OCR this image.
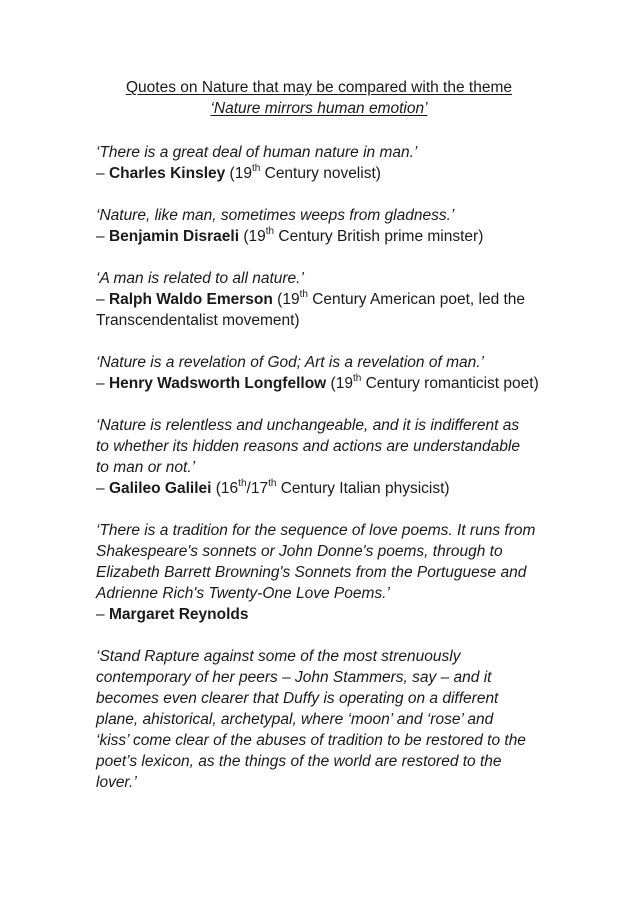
Quotes on Nature that may be compared with the theme
‘Nature mirrors human emotion’
‘There is a great deal of human nature in man.’
– Charles Kinsley (19th Century novelist)
‘Nature, like man, sometimes weeps from gladness.’
– Benjamin Disraeli (19th Century British prime minster)
‘A man is related to all nature.’
– Ralph Waldo Emerson (19th Century American poet, led the
Transcendentalist movement)
‘Nature is a revelation of God; Art is a revelation of man.’
– Henry Wadsworth Longfellow (19th Century romanticist poet)
‘Nature is relentless and unchangeable, and it is indifferent as
to whether its hidden reasons and actions are understandable
to man or not.’
– Galileo Galilei (16th/17th Century Italian physicist)
‘There is a tradition for the sequence of love poems. It runs from
Shakespeare's sonnets or John Donne's poems, through to
Elizabeth Barrett Browning's Sonnets from the Portuguese and
Adrienne Rich's Twenty-One Love Poems.’
– Margaret Reynolds
‘Stand Rapture against some of the most strenuously
contemporary of her peers – John Stammers, say – and it
becomes even clearer that Duffy is operating on a different
plane, ahistorical, archetypal, where ‘moon’ and ‘rose’ and
‘kiss’ come clear of the abuses of tradition to be restored to the
poet’s lexicon, as the things of the world are restored to the
lover.’
